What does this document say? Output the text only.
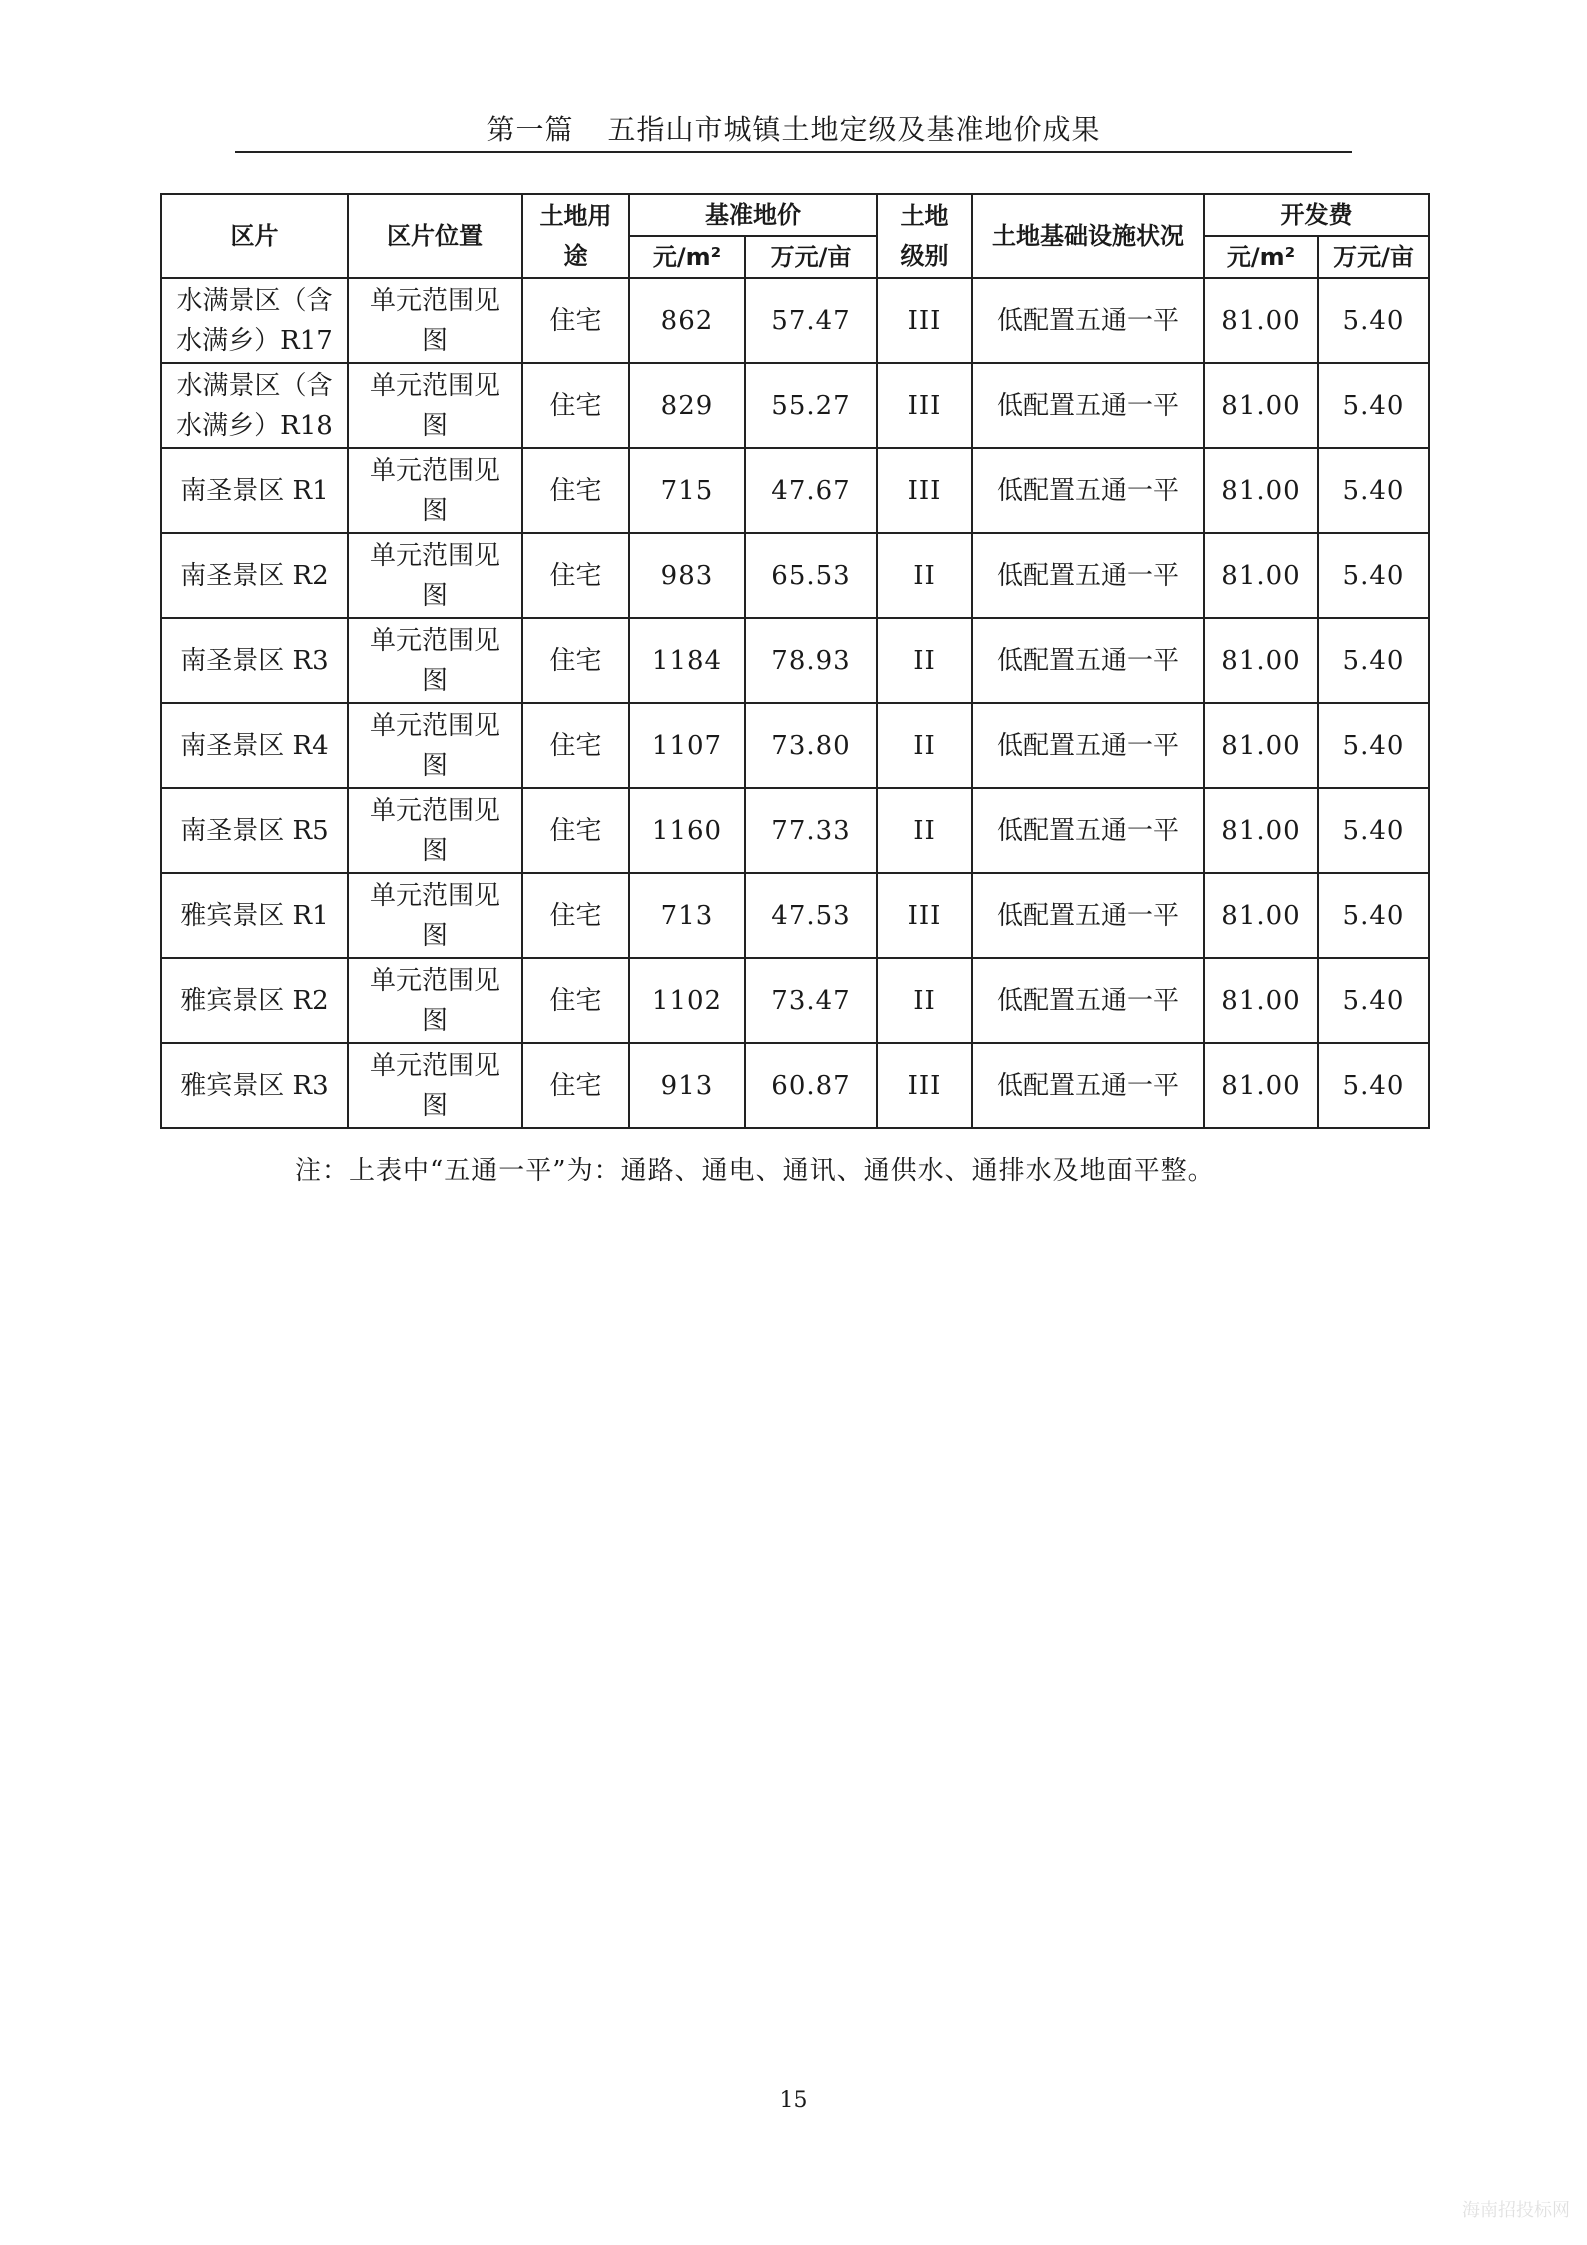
第一篇 五指山市城镇土地定级及基准地价成果
区片	区片位置	土地用途	基准地价		土地级别	土地基础设施状况	开发费	
			元/m²	万元/亩			元/m²	万元/亩
水满景区（含水满乡）R17	单元范围见图	住宅	862	57.47	III	低配置五通一平	81.00	5.40
水满景区（含水满乡）R18	单元范围见图	住宅	829	55.27	III	低配置五通一平	81.00	5.40
南圣景区 R1	单元范围见图	住宅	715	47.67	III	低配置五通一平	81.00	5.40
南圣景区 R2	单元范围见图	住宅	983	65.53	II	低配置五通一平	81.00	5.40
南圣景区 R3	单元范围见图	住宅	1184	78.93	II	低配置五通一平	81.00	5.40
南圣景区 R4	单元范围见图	住宅	1107	73.80	II	低配置五通一平	81.00	5.40
南圣景区 R5	单元范围见图	住宅	1160	77.33	II	低配置五通一平	81.00	5.40
雅宾景区 R1	单元范围见图	住宅	713	47.53	III	低配置五通一平	81.00	5.40
雅宾景区 R2	单元范围见图	住宅	1102	73.47	II	低配置五通一平	81.00	5.40
雅宾景区 R3	单元范围见图	住宅	913	60.87	III	低配置五通一平	81.00	5.40
注：上表中“五通一平”为：通路、通电、通讯、通供水、通排水及地面平整。
15
海南招投标网
